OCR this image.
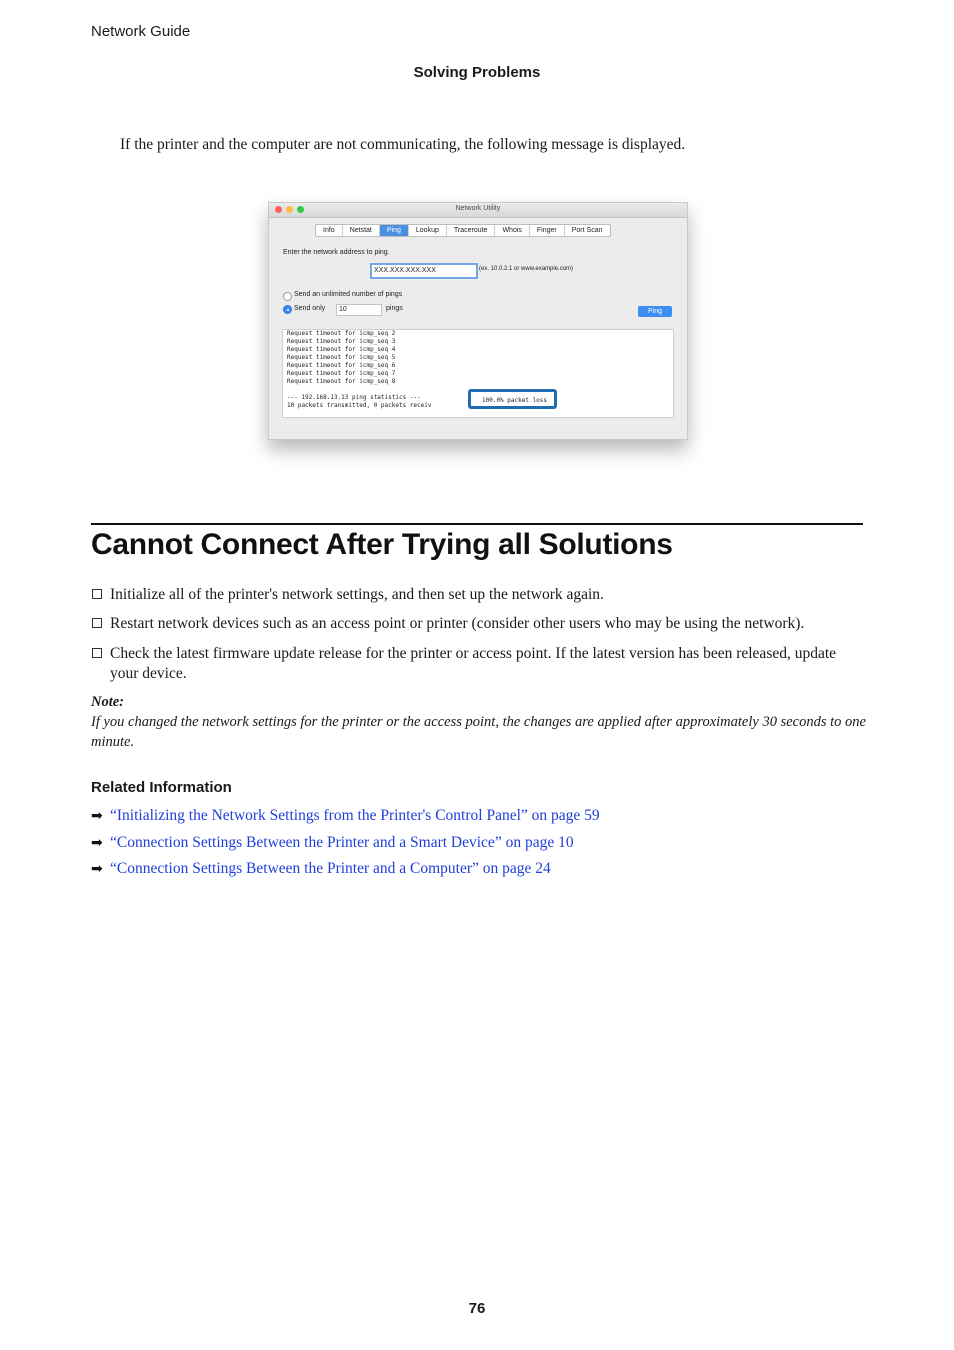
Network Guide
Solving Problems
If the printer and the computer are not communicating, the following message is displayed.
Network Utility
Info	Netstat	Ping	Lookup	Traceroute	Whois	Finger	Port Scan
Enter the network address to ping.
XXX.XXX.XXX.XXX	(ex. 10.0.2.1 or www.example.com)
Send an unlimited number of pings
Send only	10	pings	Ping
Request timeout for icmp_seq 2
Request timeout for icmp_seq 3
Request timeout for icmp_seq 4
Request timeout for icmp_seq 5
Request timeout for icmp_seq 6
Request timeout for icmp_seq 7
Request timeout for icmp_seq 8
--- 192.168.13.13 ping statistics ---
10 packets transmitted, 0 packets receiv
100.0% packet loss
Cannot Connect After Trying all Solutions
Initialize all of the printer's network settings, and then set up the network again.
Restart network devices such as an access point or printer (consider other users who may be using the network).
Check the latest firmware update release for the printer or access point. If the latest version has been released, update your device.
Note:
If you changed the network settings for the printer or the access point, the changes are applied after approximately 30 seconds to one minute.
Related Information
➡ “Initializing the Network Settings from the Printer's Control Panel” on page 59
➡ “Connection Settings Between the Printer and a Smart Device” on page 10
➡ “Connection Settings Between the Printer and a Computer” on page 24
76
